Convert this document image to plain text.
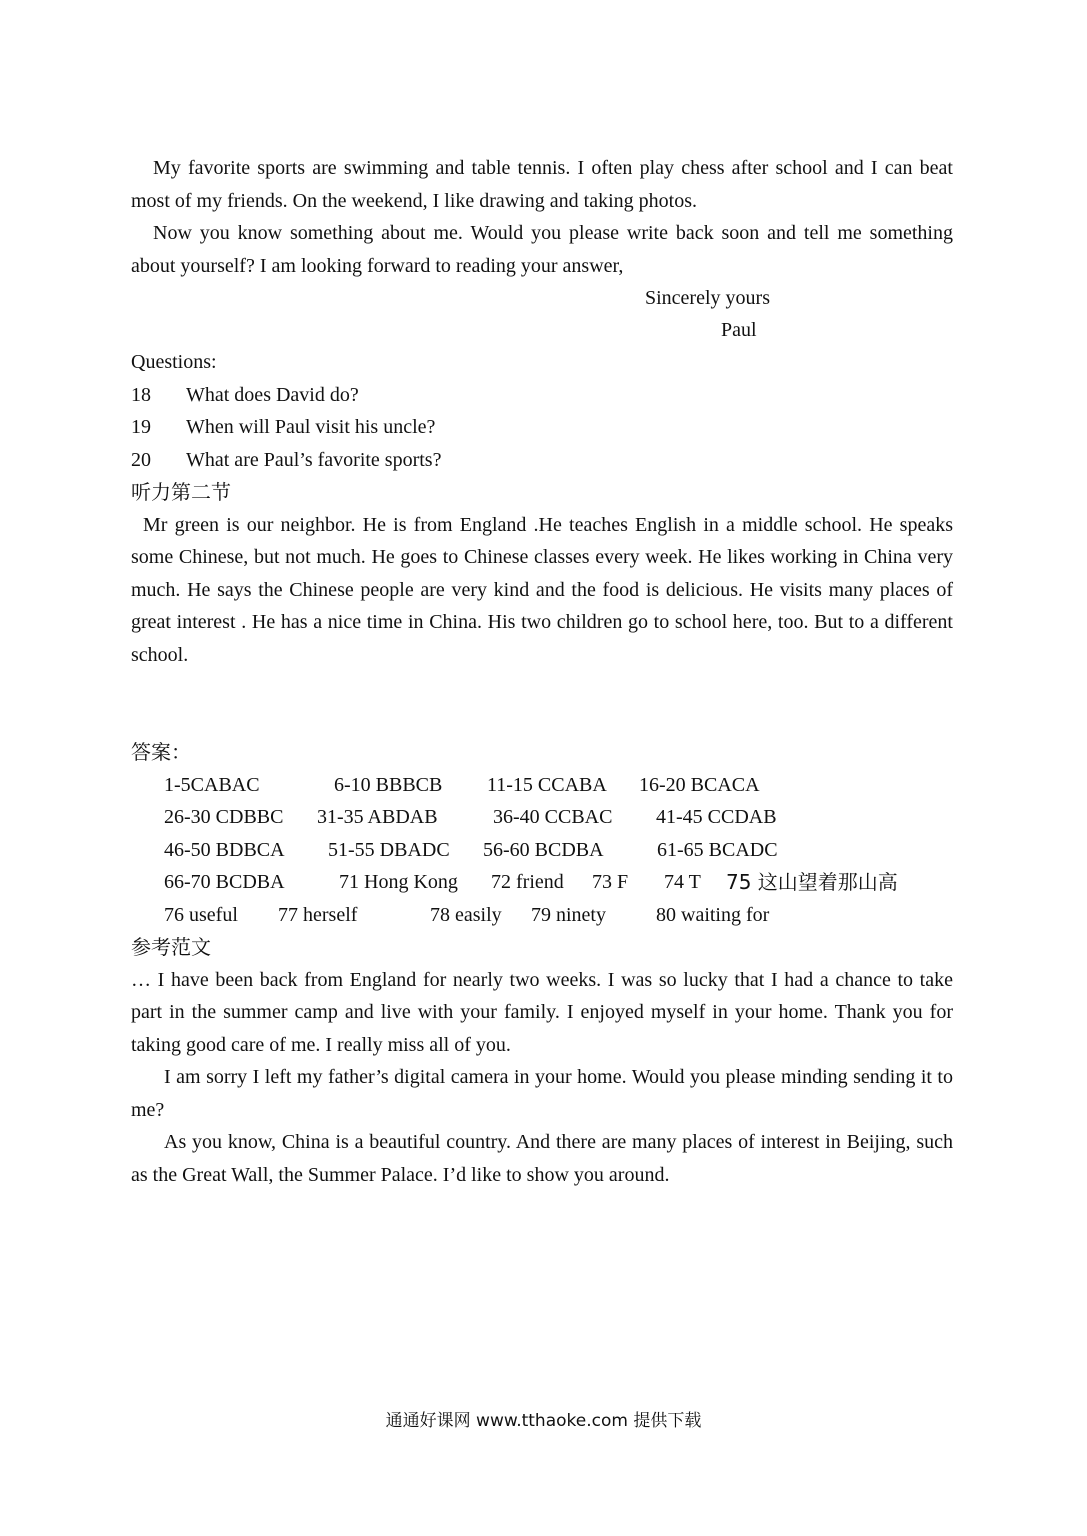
My favorite sports are swimming and table tennis. I often play chess after school and I can beat most of my friends. On the weekend, I like drawing and taking photos.

Now you know something about me. Would you please write back soon and tell me something about yourself? I am looking forward to reading your answer,

Sincerely yours
Paul
Questions:
18	What does David do?
19	When will Paul visit his uncle?
20	What are Paul’s favorite sports?
听力第二节

Mr green is our neighbor. He is from England .He teaches English in a middle school. He speaks some Chinese, but not much. He goes to Chinese classes every week. He likes working in China very much. He says the Chinese people are very kind and the food is delicious. He visits many places of great interest . He has a nice time in China. His two children go to school here, too. But to a different school.

答案：
1-5CABAC	6-10 BBBCB 11-15 CCABA 16-20 BCACA
26-30 CDBBC 31-35 ABDAB	36-40 CCBAC 41-45 CCDAB
46-50 BDBCA 51-55 DBADC 56-60 BCDBA	61-65 BCADC
66-70 BCDBA	71 Hong Kong 72 friend 73 F 74 T 75 这山望着那山高
76 useful 77 herself	78 easily 79 ninety	80 waiting for
参考范文

… I have been back from England for nearly two weeks. I was so lucky that I had a chance to take part in the summer camp and live with your family. I enjoyed myself in your home. Thank you for taking good care of me. I really miss all of you.

I am sorry I left my father’s digital camera in your home. Would you please minding sending it to me?

As you know, China is a beautiful country. And there are many places of interest in Beijing, such as the Great Wall, the Summer Palace. I’d like to show you around.

通通好课网 www.tthaoke.com 提供下载
